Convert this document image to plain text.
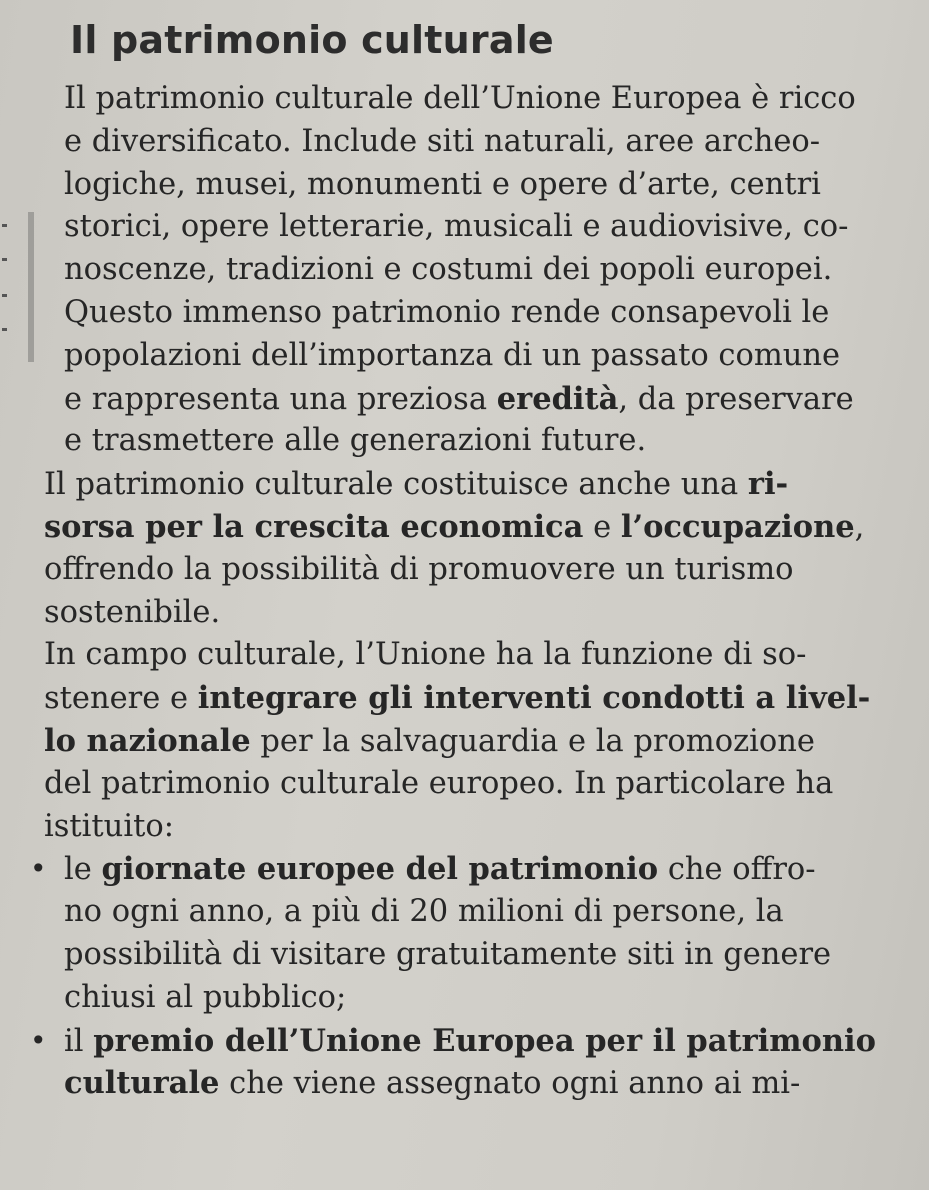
Il patrimonio culturale
Il patrimonio culturale dell’Unione Europea è ricco
e diversificato. Include siti naturali, aree archeo-
logiche, musei, monumenti e opere d’arte, centri
storici, opere letterarie, musicali e audiovisive, co-
noscenze, tradizioni e costumi dei popoli europei.
Questo immenso patrimonio rende consapevoli le
popolazioni dell’importanza di un passato comune
e rappresenta una preziosa eredità, da preservare
e trasmettere alle generazioni future.
Il patrimonio culturale costituisce anche una ri-
sorsa per la crescita economica e l’occupazione,
offrendo la possibilità di promuovere un turismo
sostenibile.
In campo culturale, l’Unione ha la funzione di so-
stenere e integrare gli interventi condotti a livel-
lo nazionale per la salvaguardia e la promozione
del patrimonio culturale europeo. In particolare ha
istituito:
• le giornate europee del patrimonio che offro-
no ogni anno, a più di 20 milioni di persone, la
possibilità di visitare gratuitamente siti in genere
chiusi al pubblico;
• il premio dell’Unione Europea per il patrimonio
culturale che viene assegnato ogni anno ai mi-
